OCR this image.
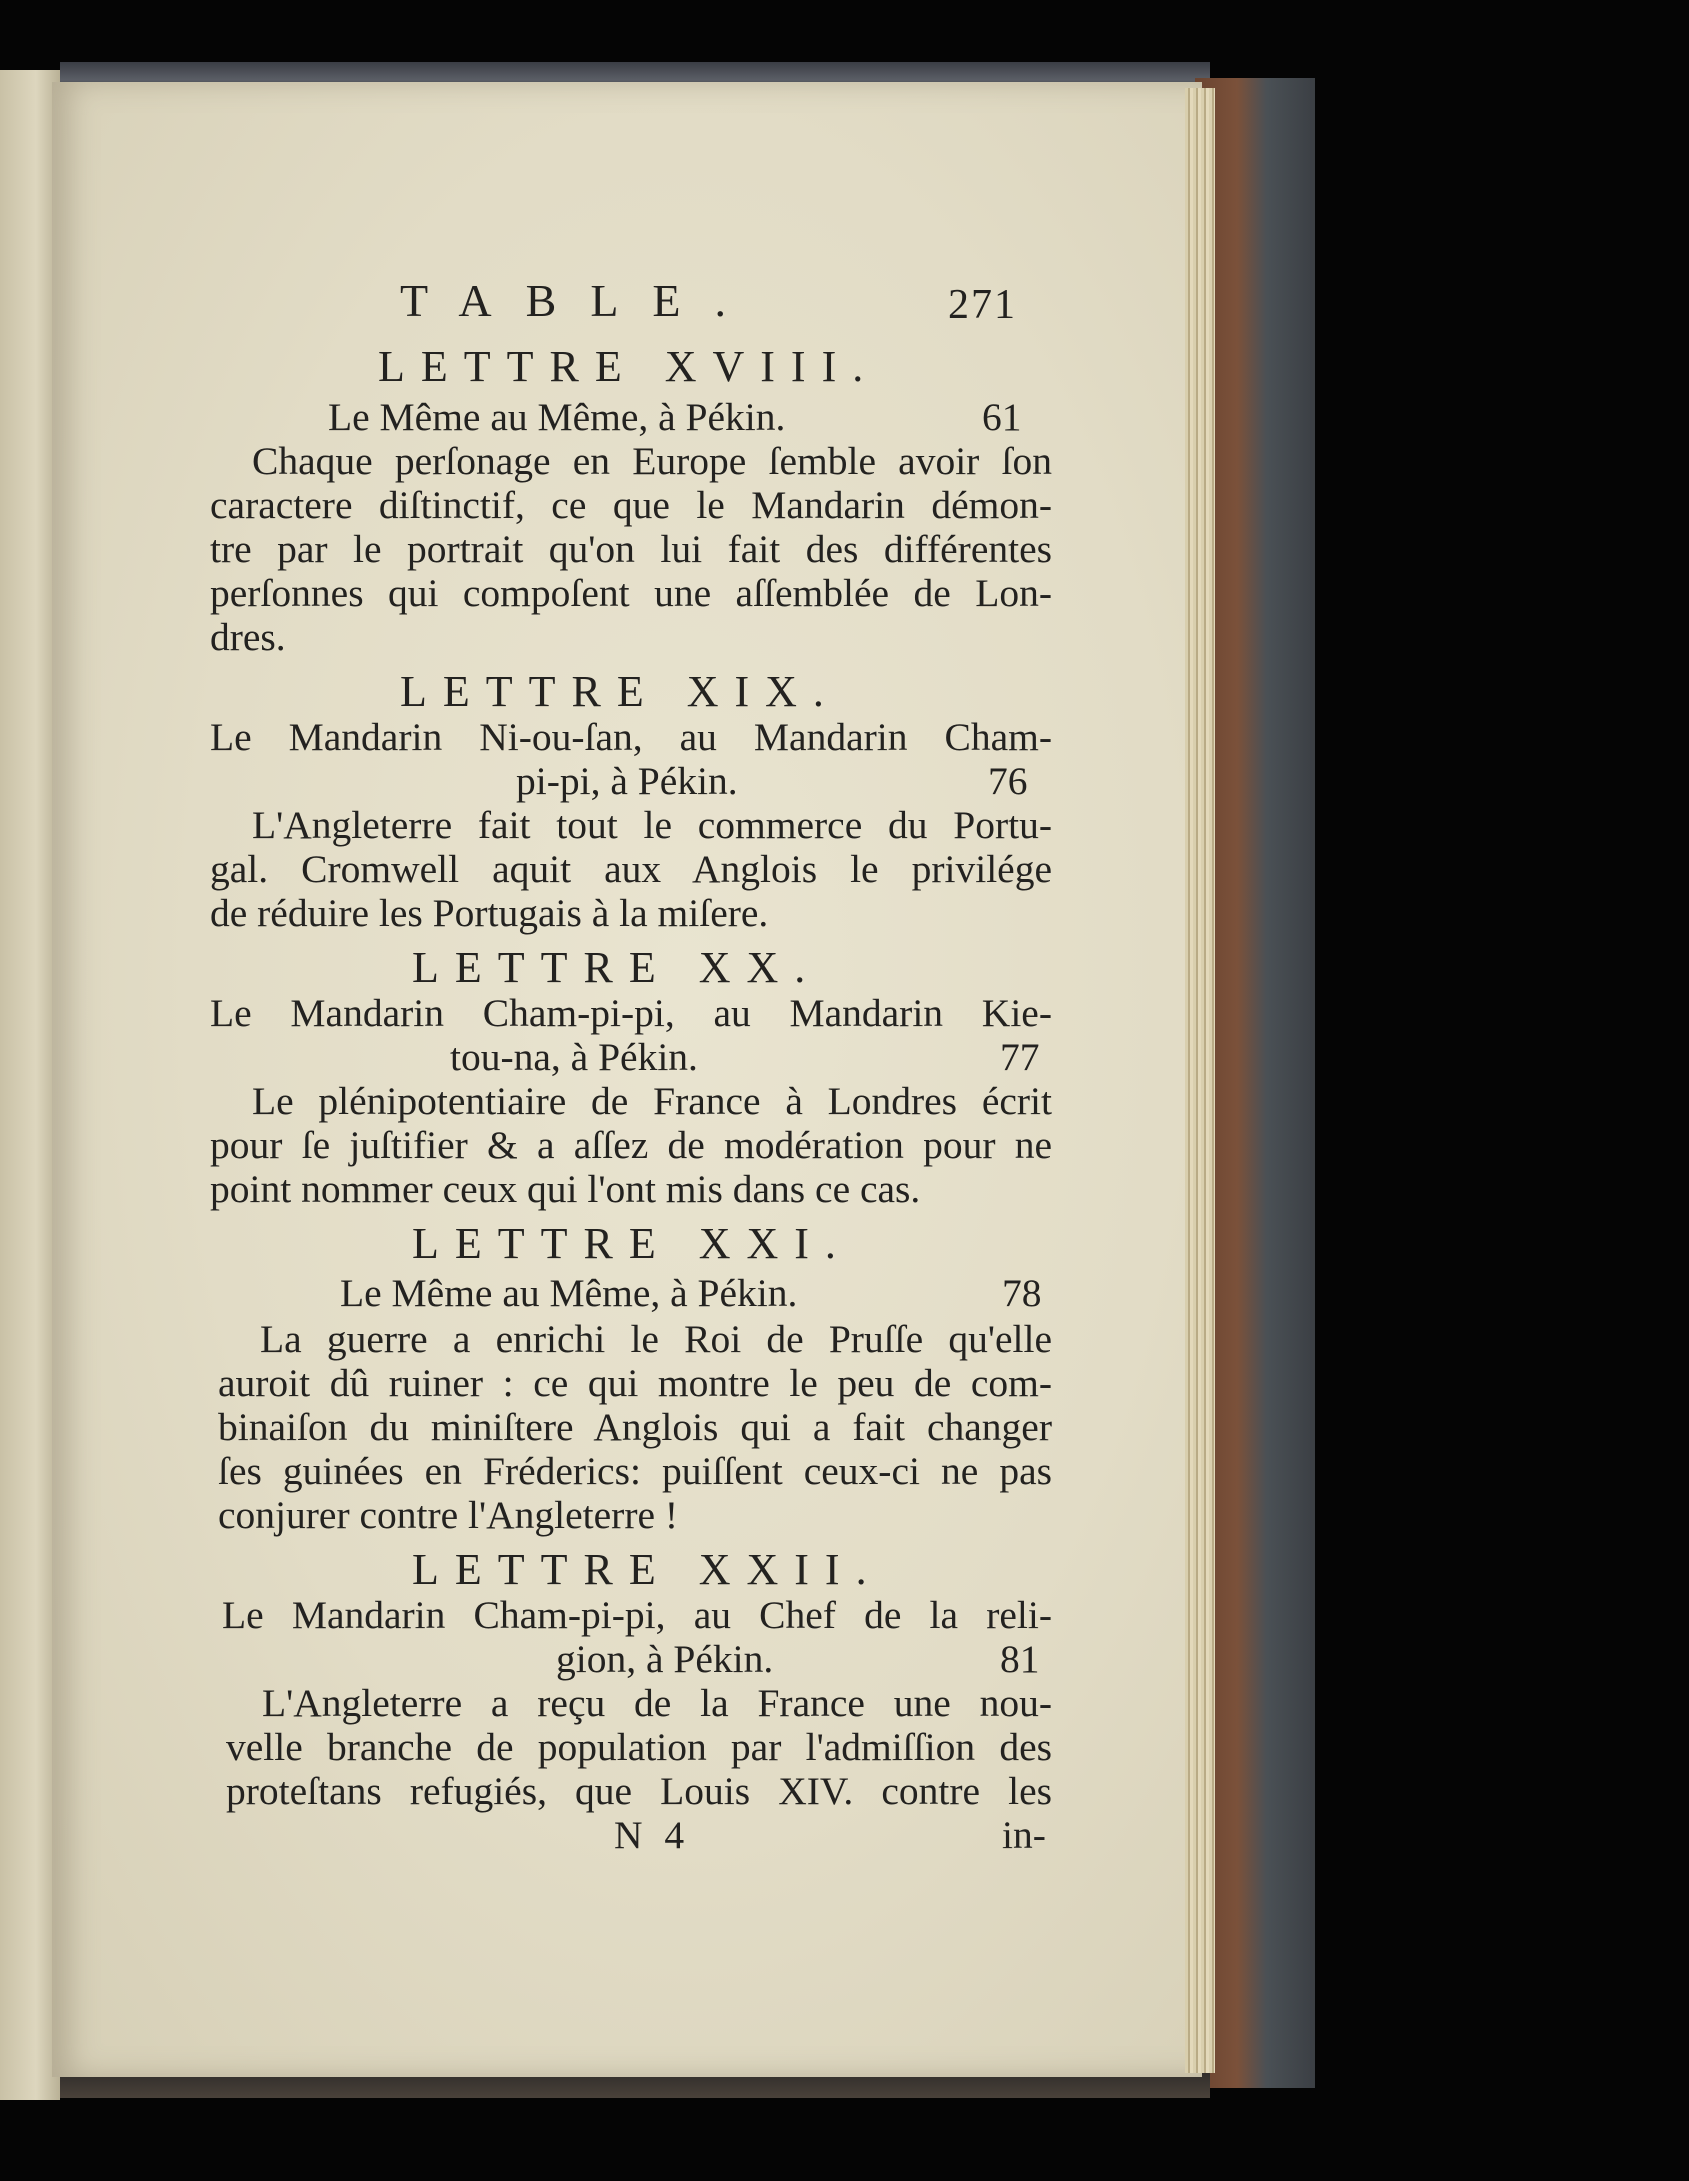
TABLE.	271
LETTRE XVIII.
Le Même au Même, à Pékin.	61
Chaque perſonage en Europe ſemble avoir ſon
caractere diſtinctif, ce que le Mandarin démon-
tre par le portrait qu'on lui fait des différentes
perſonnes qui compoſent une aſſemblée de Lon-
dres.
LETTRE XIX.
Le Mandarin Ni-ou-ſan, au Mandarin Cham-
pi-pi, à Pékin.	76
L'Angleterre fait tout le commerce du Portu-
gal. Cromwell aquit aux Anglois le privilége
de réduire les Portugais à la miſere.
LETTRE XX.
Le Mandarin Cham-pi-pi, au Mandarin Kie-
tou-na, à Pékin.	77
Le plénipotentiaire de France à Londres écrit
pour ſe juſtifier & a aſſez de modération pour ne
point nommer ceux qui l'ont mis dans ce cas.
LETTRE XXI.
Le Même au Même, à Pékin.	78
La guerre a enrichi le Roi de Pruſſe qu'elle
auroit dû ruiner : ce qui montre le peu de com-
binaiſon du miniſtere Anglois qui a fait changer
ſes guinées en Fréderics: puiſſent ceux-ci ne pas
conjurer contre l'Angleterre !
LETTRE XXII.
Le Mandarin Cham-pi-pi, au Chef de la reli-
gion, à Pékin.	81
L'Angleterre a reçu de la France une nou-
velle branche de population par l'admiſſion des
proteſtans refugiés, que Louis XIV. contre les
N 4	in-
